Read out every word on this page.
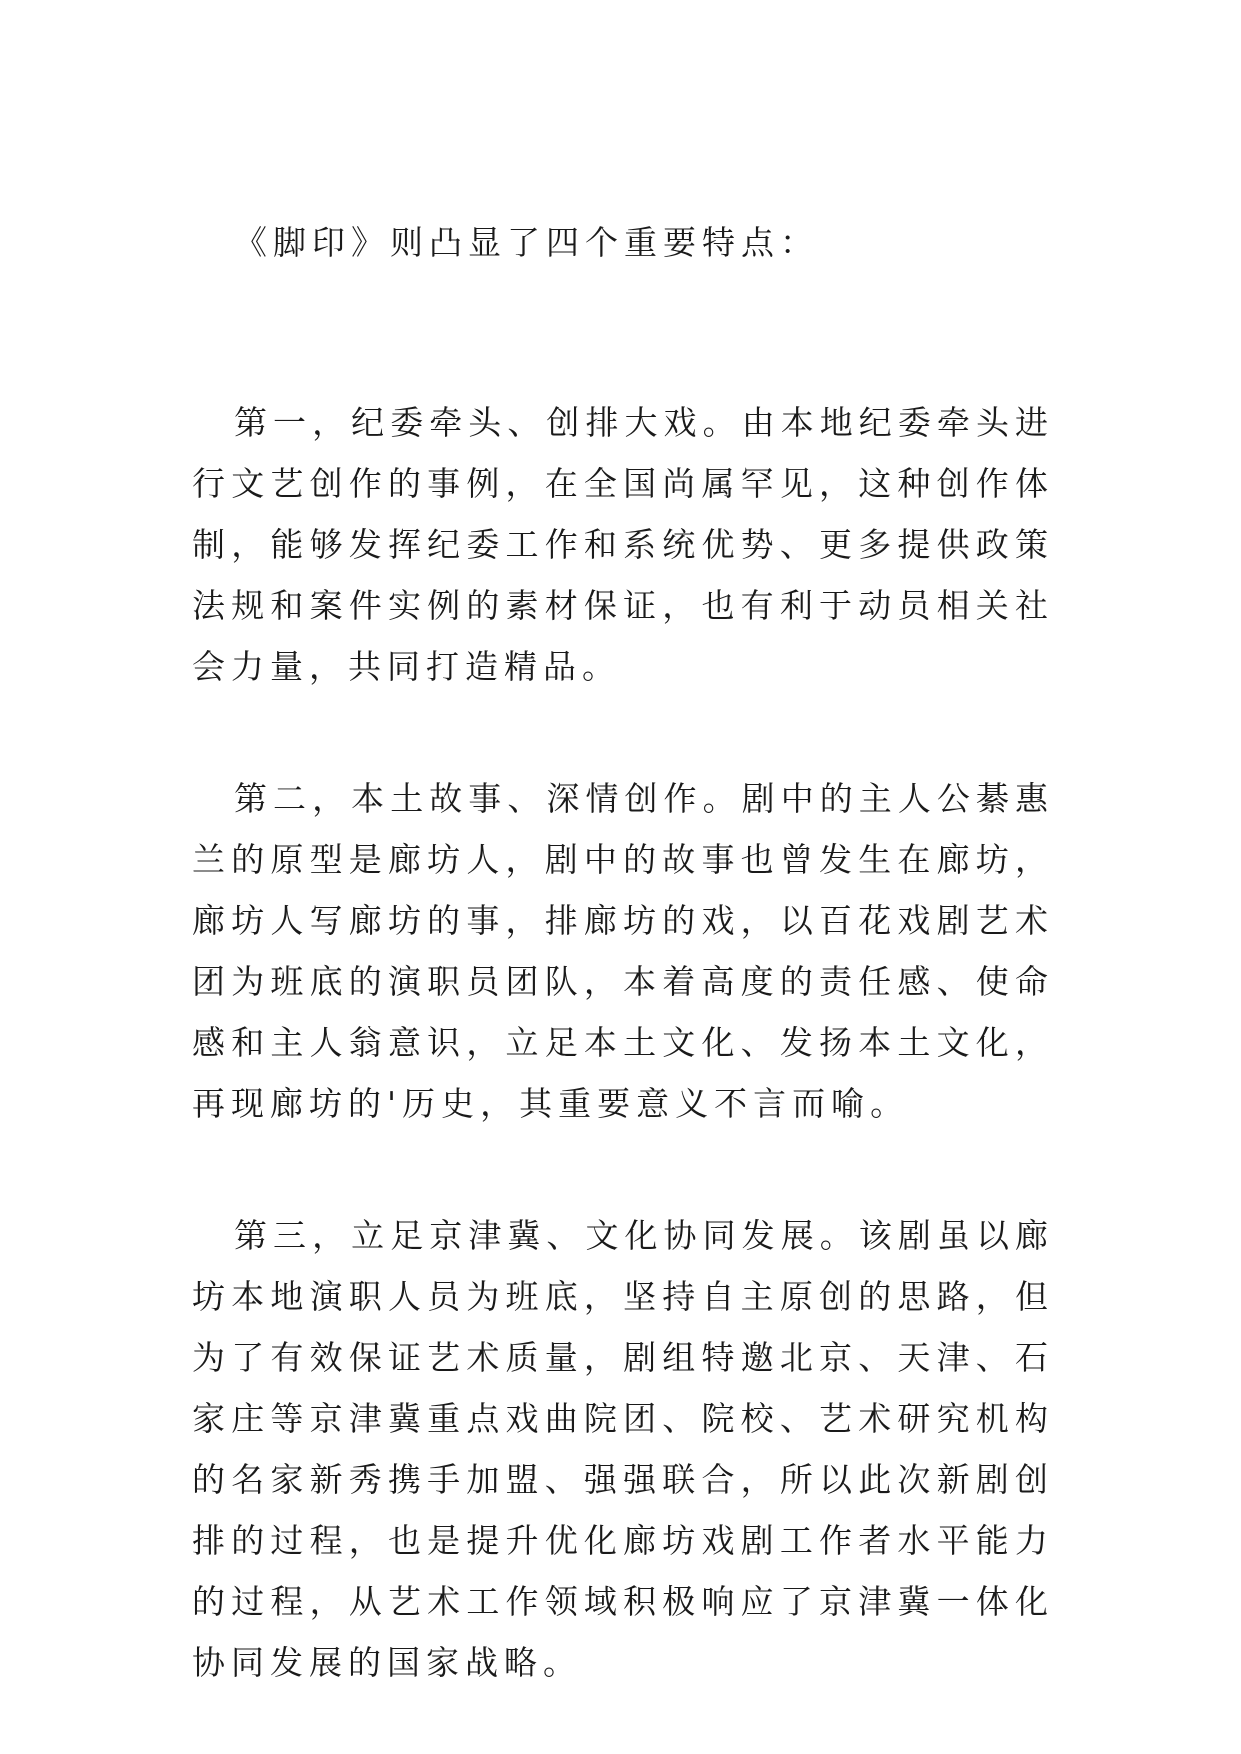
《脚印》则凸显了四个重要特点：

第一，纪委牵头、创排大戏。由本地纪委牵头进行文艺创作的事例，在全国尚属罕见，这种创作体制，能够发挥纪委工作和系统优势、更多提供政策法规和案件实例的素材保证，也有利于动员相关社会力量，共同打造精品。

第二，本土故事、深情创作。剧中的主人公綦惠兰的原型是廊坊人，剧中的故事也曾发生在廊坊，廊坊人写廊坊的事，排廊坊的戏，以百花戏剧艺术团为班底的演职员团队，本着高度的责任感、使命感和主人翁意识，立足本土文化、发扬本土文化，再现廊坊的'历史，其重要意义不言而喻。

第三，立足京津冀、文化协同发展。该剧虽以廊坊本地演职人员为班底，坚持自主原创的思路，但为了有效保证艺术质量，剧组特邀北京、天津、石家庄等京津冀重点戏曲院团、院校、艺术研究机构的名家新秀携手加盟、强强联合，所以此次新剧创排的过程，也是提升优化廊坊戏剧工作者水平能力的过程，从艺术工作领域积极响应了京津冀一体化协同发展的国家战略。
